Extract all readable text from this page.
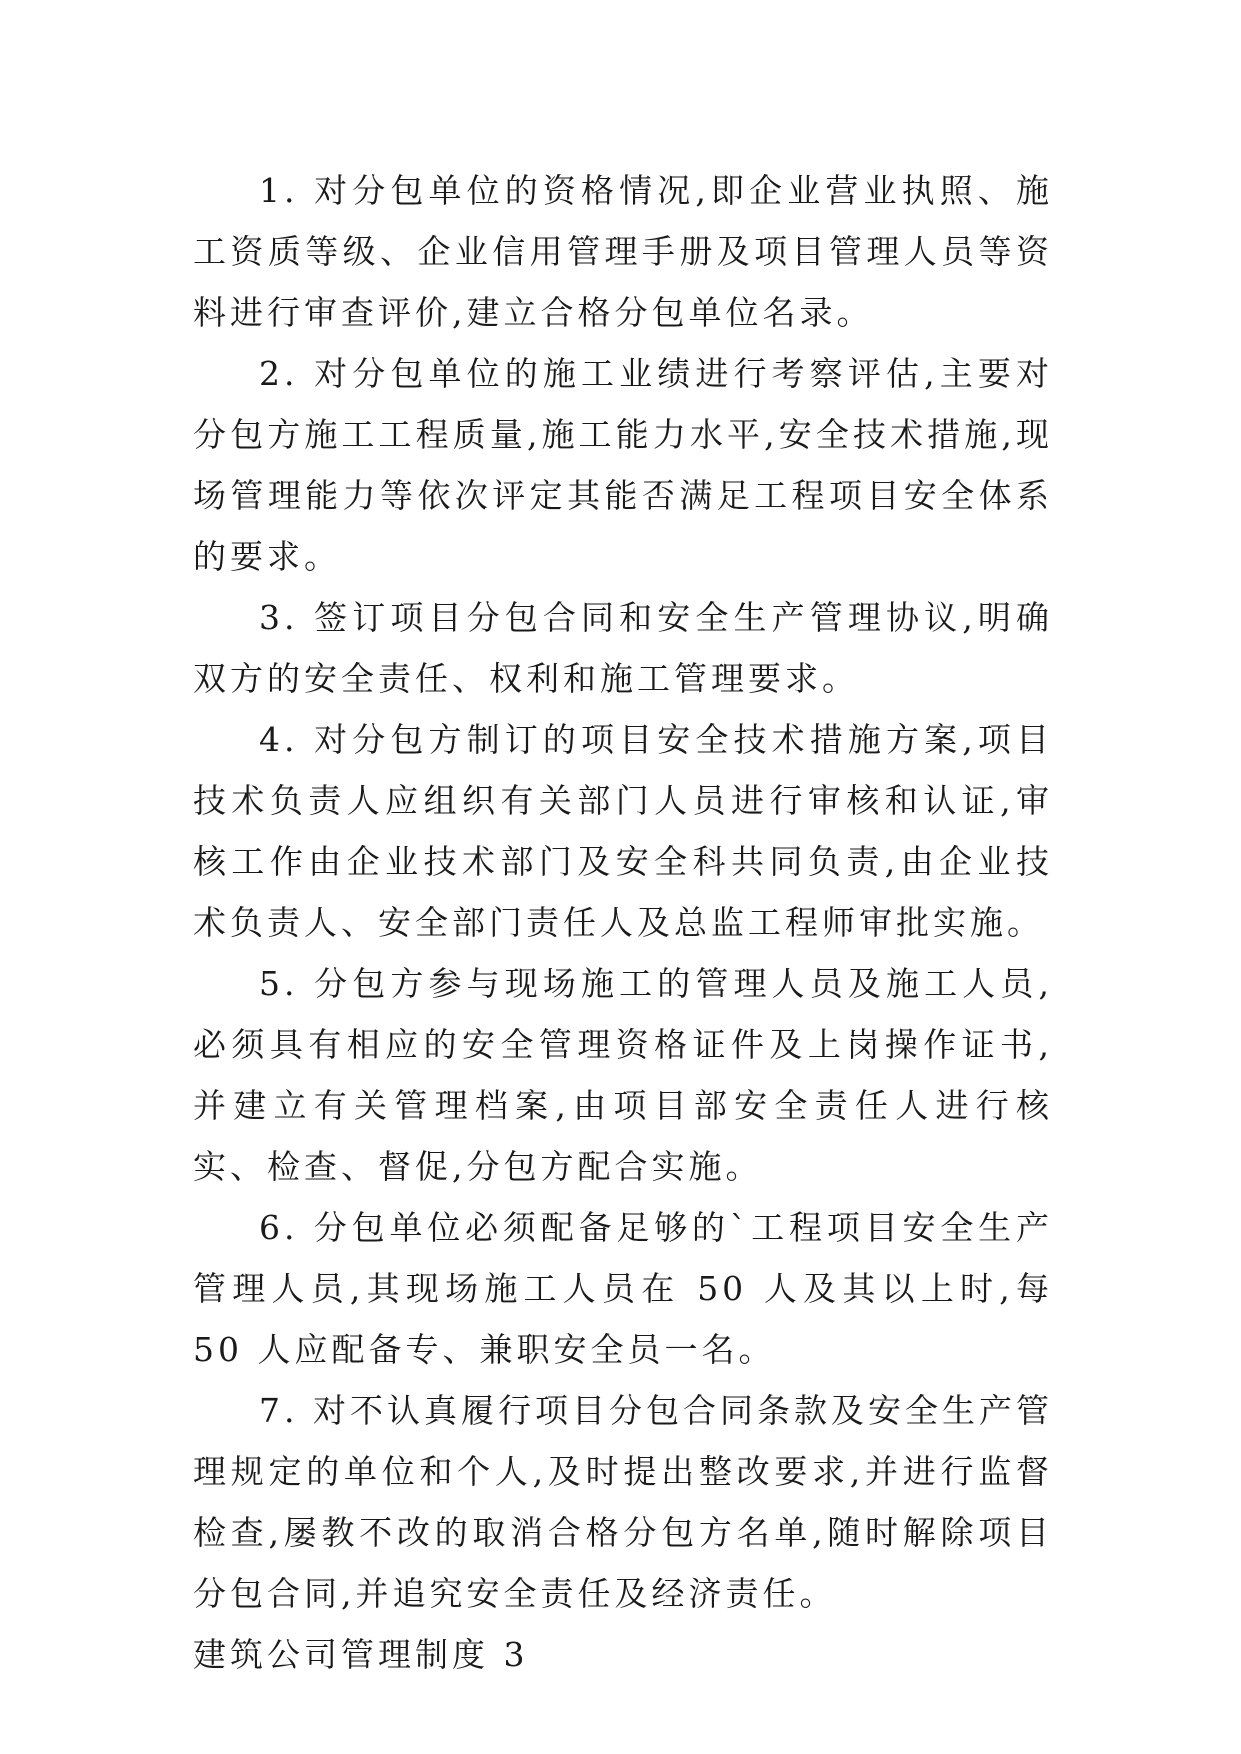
1. 对分包单位的资格情况,即企业营业执照、施工资质等级、企业信用管理手册及项目管理人员等资料进行审查评价,建立合格分包单位名录。

2. 对分包单位的施工业绩进行考察评估,主要对分包方施工工程质量,施工能力水平,安全技术措施,现场管理能力等依次评定其能否满足工程项目安全体系的要求。

3. 签订项目分包合同和安全生产管理协议,明确双方的安全责任、权利和施工管理要求。

4. 对分包方制订的项目安全技术措施方案,项目技术负责人应组织有关部门人员进行审核和认证,审核工作由企业技术部门及安全科共同负责,由企业技术负责人、安全部门责任人及总监工程师审批实施。

5. 分包方参与现场施工的管理人员及施工人员,必须具有相应的安全管理资格证件及上岗操作证书,并建立有关管理档案,由项目部安全责任人进行核实、检查、督促,分包方配合实施。

6. 分包单位必须配备足够的`工程项目安全生产管理人员,其现场施工人员在 50 人及其以上时,每 50 人应配备专、兼职安全员一名。

7. 对不认真履行项目分包合同条款及安全生产管理规定的单位和个人,及时提出整改要求,并进行监督检查,屡教不改的取消合格分包方名单,随时解除项目分包合同,并追究安全责任及经济责任。

建筑公司管理制度 3
